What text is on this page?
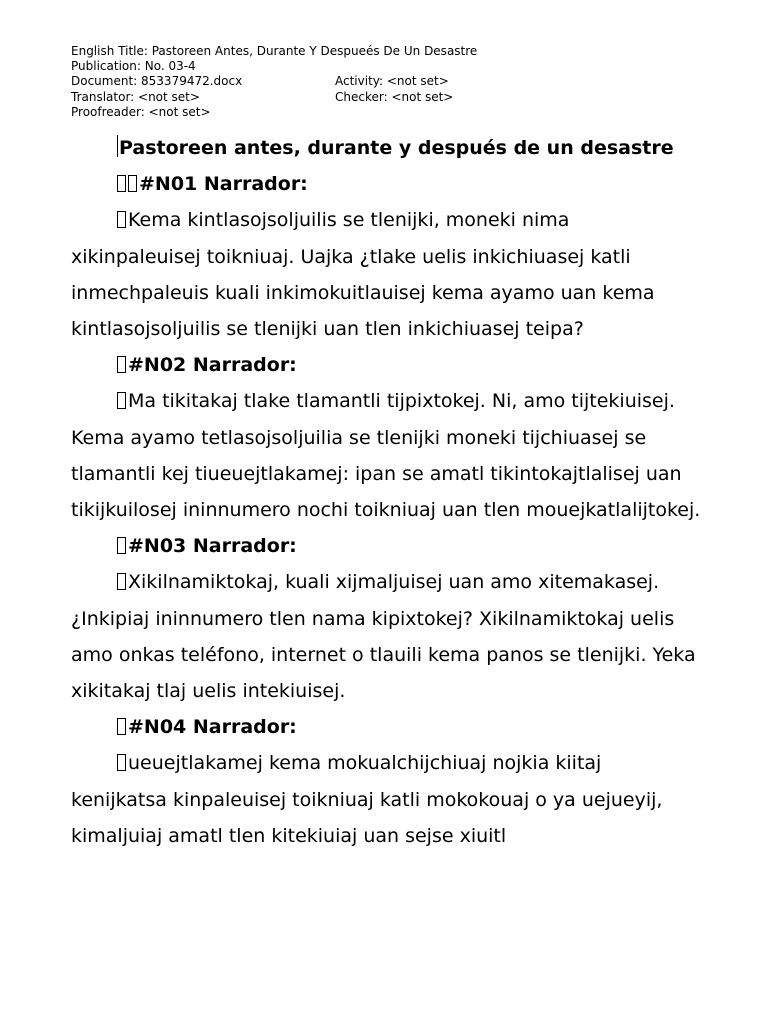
English Title: Pastoreen Antes, Durante Y Despueés De Un Desastre
Publication: No. 03-4
Document: 853379472.docx	Activity: <not set>
Translator: <not set>	Checker: <not set>
Proofreader: <not set>

Pastoreen antes, durante y después de un desastre

#N01 Narrador:

Kema kintlasojsoljuilis se tlenijki, moneki nima xikinpaleuisej toikniuaj. Uajka ¿tlake uelis inkichiuasej katli inmechpaleuis kuali inkimokuitlauisej kema ayamo uan kema kintlasojsoljuilis se tlenijki uan tlen inkichiuasej teipa?

#N02 Narrador:

Ma tikitakaj tlake tlamantli tijpixtokej. Ni, amo tijtekiuisej. Kema ayamo tetlasojsoljuilia se tlenijki moneki tijchiuasej se tlamantli kej tiueuejtlakamej: ipan se amatl tikintokajtlalisej uan tikijkuilosej ininnumero nochi toikniuaj uan tlen mouejkatlalijtokej.

#N03 Narrador:

Xikilnamiktokaj, kuali xijmaljuisej uan amo xitemakasej. ¿Inkipiaj ininnumero tlen nama kipixtokej? Xikilnamiktokaj uelis amo onkas teléfono, internet o tlauili kema panos se tlenijki. Yeka xikitakaj tlaj uelis intekiuisej.

#N04 Narrador:

ueuejtlakamej kema mokualchijchiuaj nojkia kiitaj kenijkatsa kinpaleuisej toikniuaj katli mokokouaj o ya uejueyij, kimaljuiaj amatl tlen kitekiuiaj uan sejse xiuitl
